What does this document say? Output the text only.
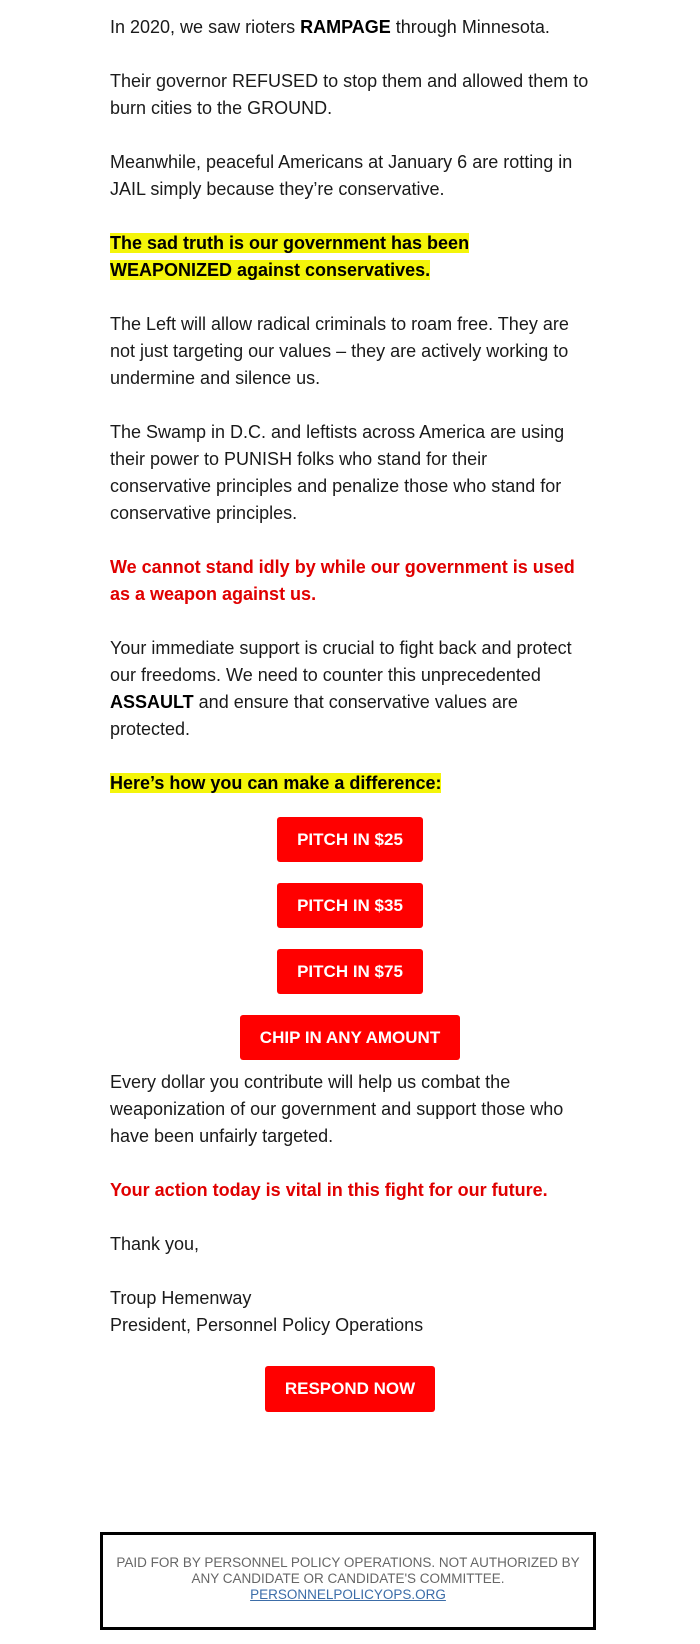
In 2020, we saw rioters RAMPAGE through Minnesota.

Their governor REFUSED to stop them and allowed them to burn cities to the GROUND.

Meanwhile, peaceful Americans at January 6 are rotting in JAIL simply because they’re conservative.

The sad truth is our government has been WEAPONIZED against conservatives.

The Left will allow radical criminals to roam free. They are not just targeting our values – they are actively working to undermine and silence us.

The Swamp in D.C. and leftists across America are using their power to PUNISH folks who stand for their conservative principles and penalize those who stand for conservative principles.

We cannot stand idly by while our government is used as a weapon against us.

Your immediate support is crucial to fight back and protect our freedoms. We need to counter this unprecedented ASSAULT and ensure that conservative values are protected.

Here’s how you can make a difference:

PITCH IN $25
PITCH IN $35
PITCH IN $75
CHIP IN ANY AMOUNT

Every dollar you contribute will help us combat the weaponization of our government and support those who have been unfairly targeted.

Your action today is vital in this fight for our future.

Thank you,

Troup Hemenway
President, Personnel Policy Operations

RESPOND NOW
PAID FOR BY PERSONNEL POLICY OPERATIONS. NOT AUTHORIZED BY ANY CANDIDATE OR CANDIDATE'S COMMITTEE.
PERSONNELPOLICYOPS.ORG
